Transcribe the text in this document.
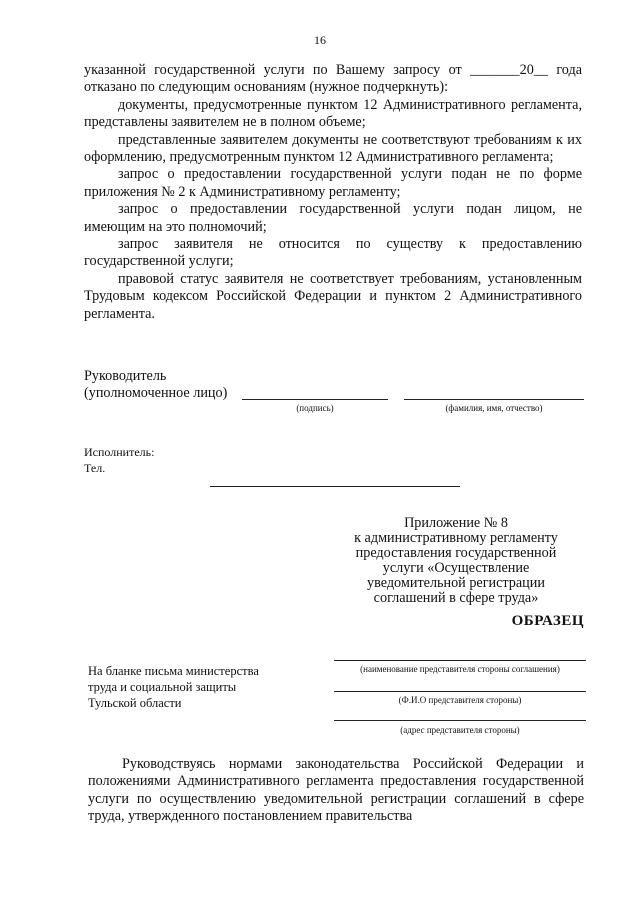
16

указанной государственной услуги по Вашему запросу от _______20__ года отказано по следующим основаниям (нужное подчеркнуть):

документы, предусмотренные пунктом 12 Административного регламента, представлены заявителем не в полном объеме;

представленные заявителем документы не соответствуют требованиям к их оформлению, предусмотренным пунктом 12 Административного регламента;

запрос о предоставлении государственной услуги подан не по форме приложения № 2 к Административному регламенту;

запрос о предоставлении государственной услуги подан лицом, не имеющим на это полномочий;

запрос заявителя не относится по существу к предоставлению государственной услуги;

правовой статус заявителя не соответствует требованиям, установленным Трудовым кодексом Российской Федерации и пунктом 2 Административного регламента.

Руководитель
(уполномоченное лицо)
(подпись)	(фамилия, имя, отчество)
Исполнитель:
Тел.
Приложение № 8
к административному регламенту
предоставления государственной
услуги «Осуществление
уведомительной регистрации
соглашений в сфере труда»
ОБРАЗЕЦ
На бланке письма министерства
труда и социальной защиты
Тульской области
(наименование представителя стороны соглашения)
(Ф.И.О представителя стороны)
(адрес представителя стороны)

Руководствуясь нормами законодательства Российской Федерации и положениями Административного регламента предоставления государственной услуги по осуществлению уведомительной регистрации соглашений в сфере труда, утвержденного постановлением правительства
